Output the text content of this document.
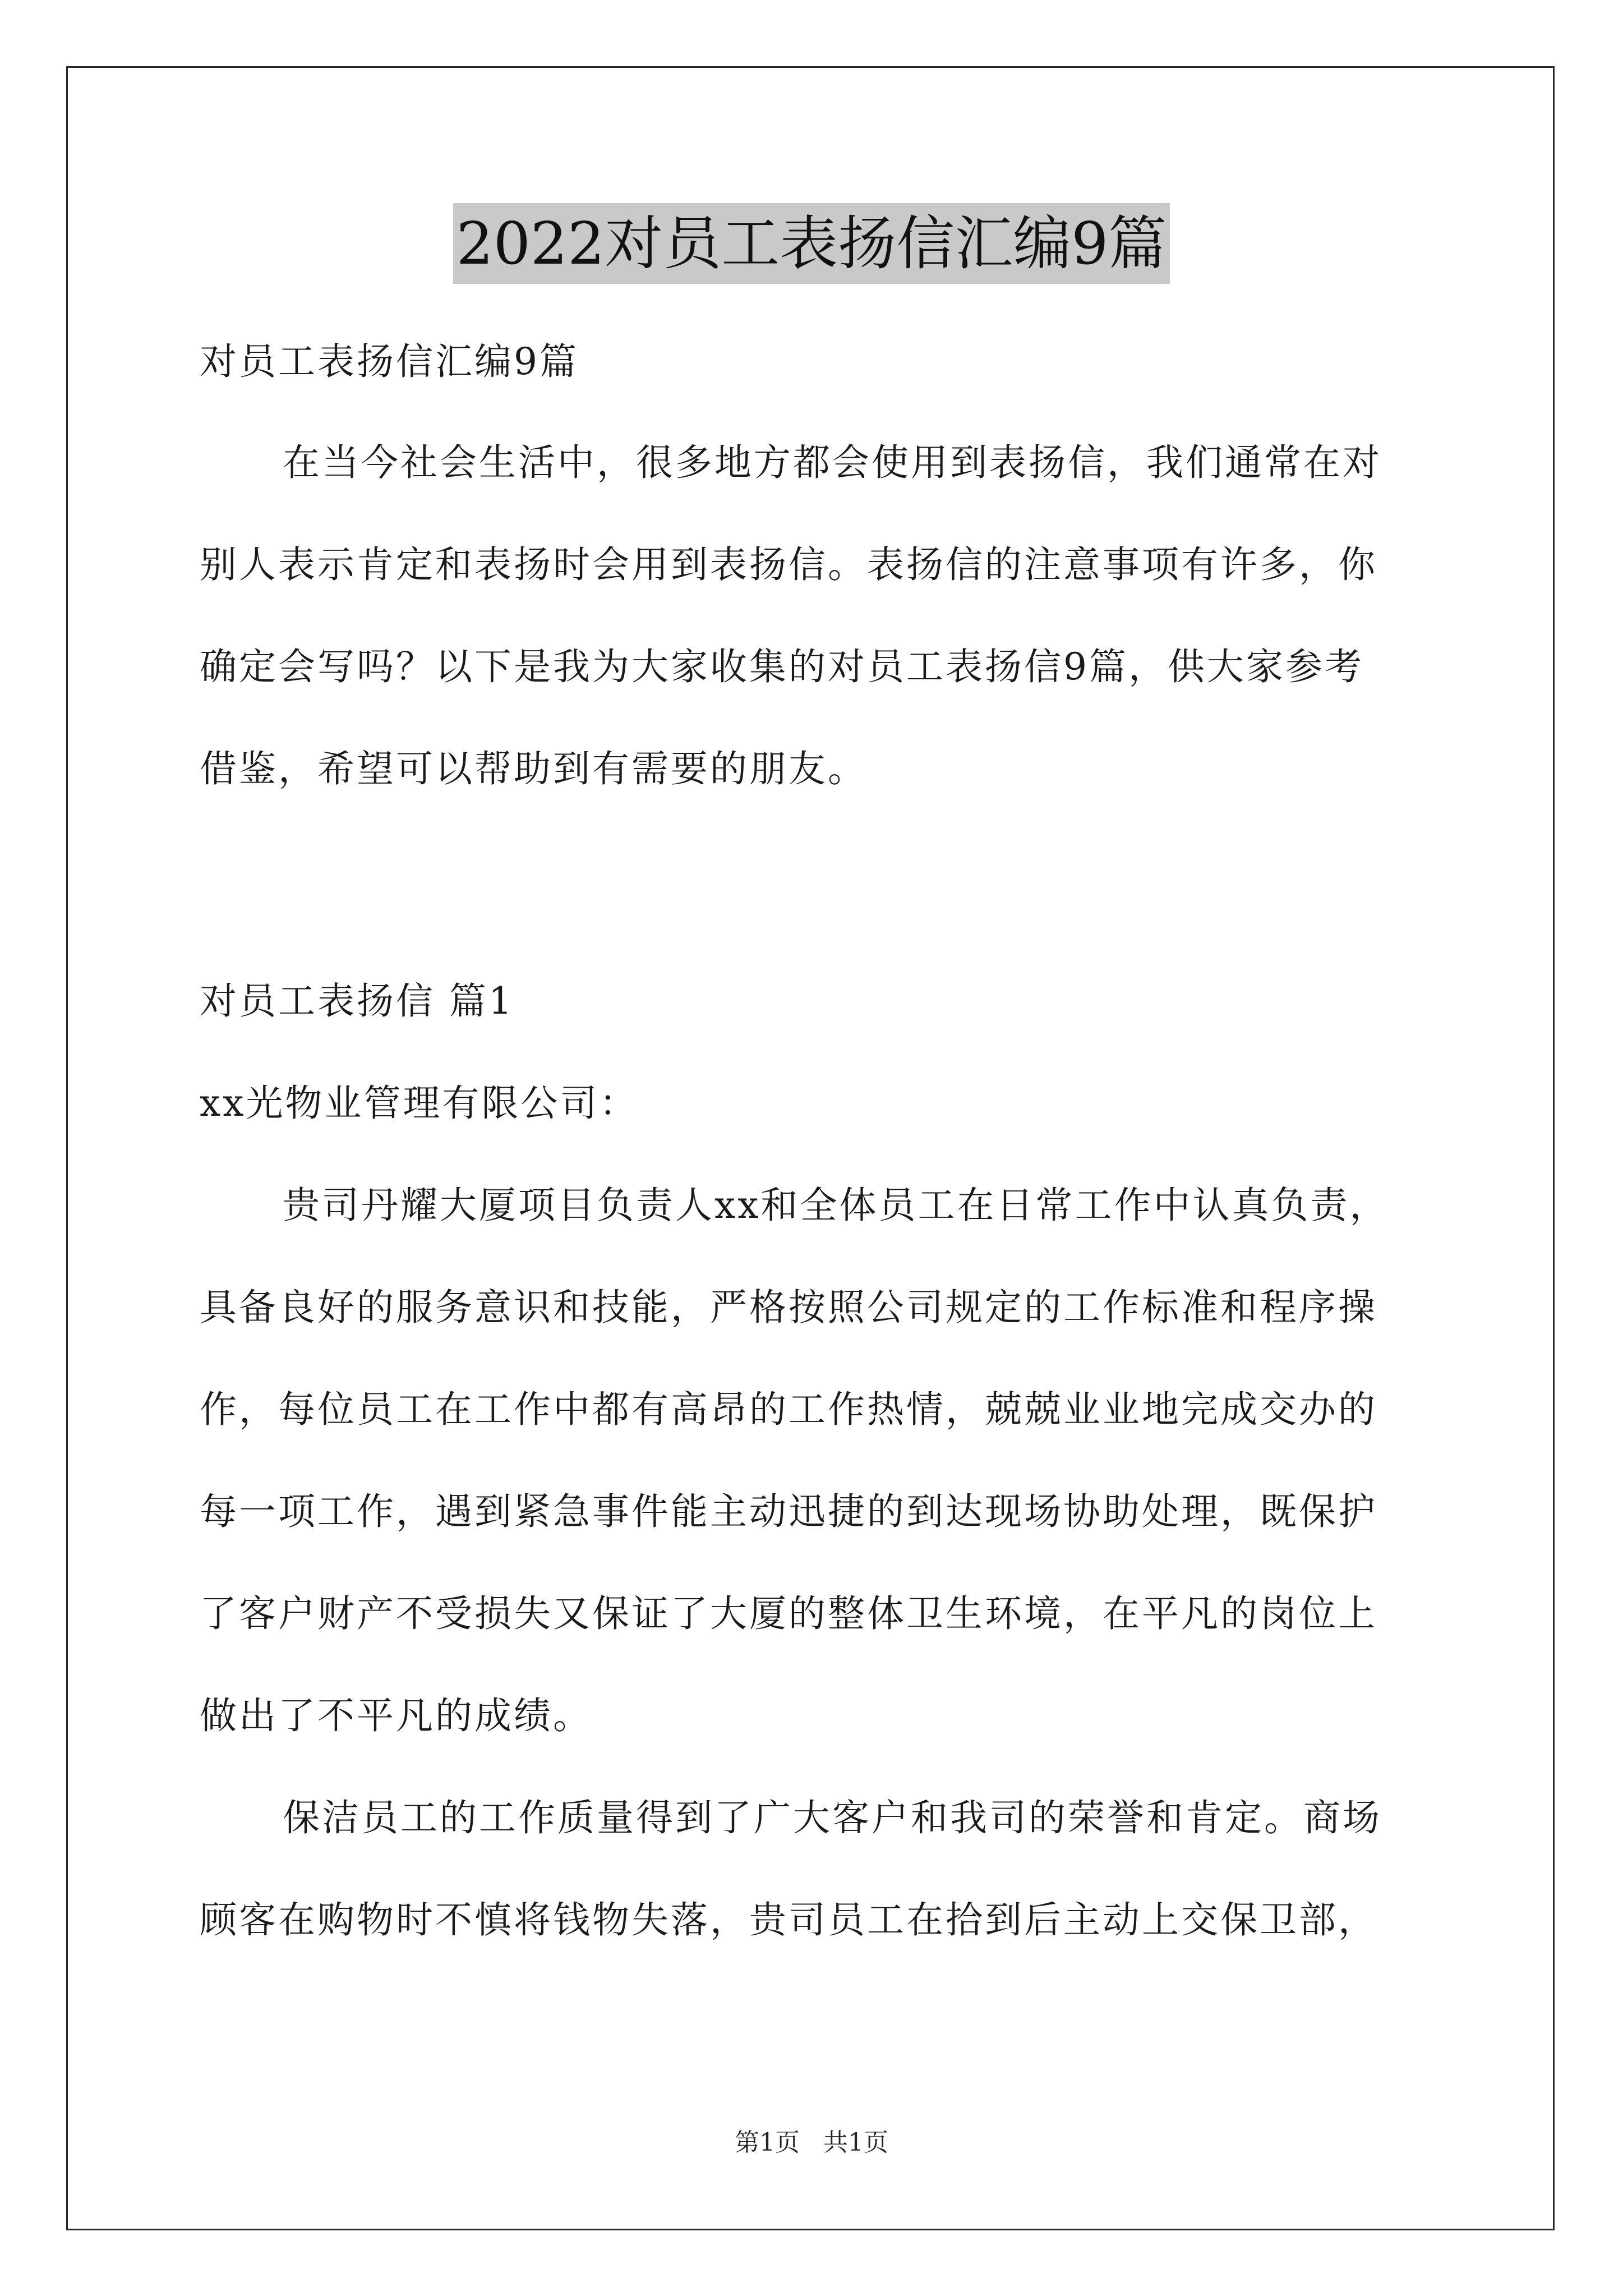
2022对员工表扬信汇编9篇
对员工表扬信汇编9篇
在当今社会生活中，很多地方都会使用到表扬信，我们通常在对
别人表示肯定和表扬时会用到表扬信。表扬信的注意事项有许多，你
确定会写吗？以下是我为大家收集的对员工表扬信9篇，供大家参考
借鉴，希望可以帮助到有需要的朋友。
对员工表扬信 篇1
xx光物业管理有限公司：
贵司丹耀大厦项目负责人xx和全体员工在日常工作中认真负责，
具备良好的服务意识和技能，严格按照公司规定的工作标准和程序操
作，每位员工在工作中都有高昂的工作热情，兢兢业业地完成交办的
每一项工作，遇到紧急事件能主动迅捷的到达现场协助处理，既保护
了客户财产不受损失又保证了大厦的整体卫生环境，在平凡的岗位上
做出了不平凡的成绩。
保洁员工的工作质量得到了广大客户和我司的荣誉和肯定。商场
顾客在购物时不慎将钱物失落，贵司员工在拾到后主动上交保卫部，
第1页 共1页
